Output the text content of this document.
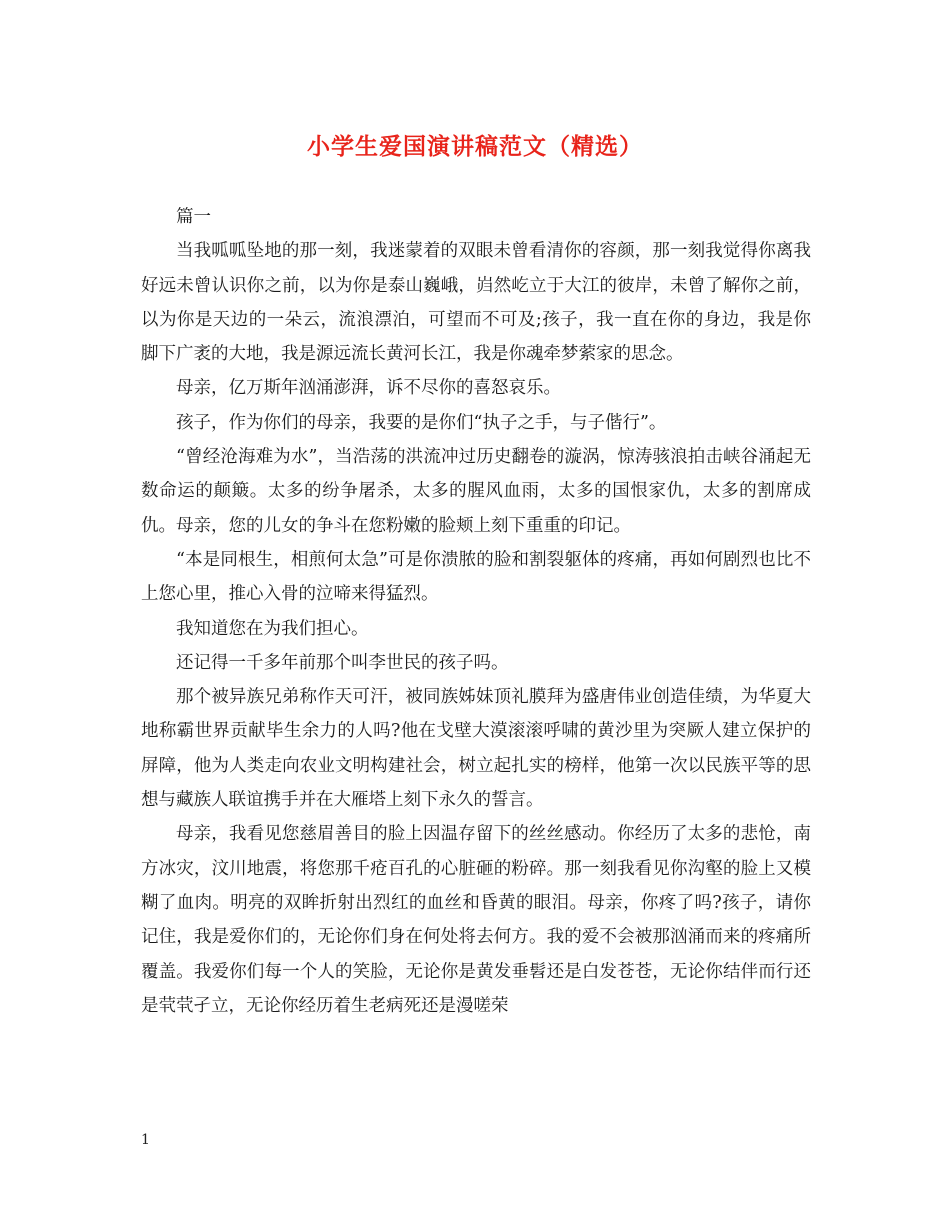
小学生爱国演讲稿范文（精选）

篇一

当我呱呱坠地的那一刻，我迷蒙着的双眼未曾看清你的容颜，那一刻我觉得你离我好远未曾认识你之前，以为你是泰山巍峨，岿然屹立于大江的彼岸，未曾了解你之前，以为你是天边的一朵云，流浪漂泊，可望而不可及;孩子，我一直在你的身边，我是你脚下广袤的大地，我是源远流长黄河长江，我是你魂牵梦萦家的思念。

母亲，亿万斯年汹涌澎湃，诉不尽你的喜怒哀乐。

孩子，作为你们的母亲，我要的是你们“执子之手，与子偕行”。

“曾经沧海难为水”，当浩荡的洪流冲过历史翻卷的漩涡，惊涛骇浪拍击峡谷涌起无数命运的颠簸。太多的纷争屠杀，太多的腥风血雨，太多的国恨家仇，太多的割席成仇。母亲，您的儿女的争斗在您粉嫩的脸颊上刻下重重的印记。

“本是同根生，相煎何太急”可是你溃脓的脸和割裂躯体的疼痛，再如何剧烈也比不上您心里，推心入骨的泣啼来得猛烈。

我知道您在为我们担心。

还记得一千多年前那个叫李世民的孩子吗。

那个被异族兄弟称作天可汗，被同族姊妹顶礼膜拜为盛唐伟业创造佳绩，为华夏大地称霸世界贡献毕生余力的人吗?他在戈壁大漠滚滚呼啸的黄沙里为突厥人建立保护的屏障，他为人类走向农业文明构建社会，树立起扎实的榜样，他第一次以民族平等的思想与藏族人联谊携手并在大雁塔上刻下永久的誓言。

母亲，我看见您慈眉善目的脸上因温存留下的丝丝感动。你经历了太多的悲怆，南方冰灾，汶川地震，将您那千疮百孔的心脏砸的粉碎。那一刻我看见你沟壑的脸上又模糊了血肉。明亮的双眸折射出烈红的血丝和昏黄的眼泪。母亲，你疼了吗?孩子，请你记住，我是爱你们的，无论你们身在何处将去何方。我的爱不会被那汹涌而来的疼痛所覆盖。我爱你们每一个人的笑脸，无论你是黄发垂髫还是白发苍苍，无论你结伴而行还是茕茕孑立，无论你经历着生老病死还是漫嗟荣

1
